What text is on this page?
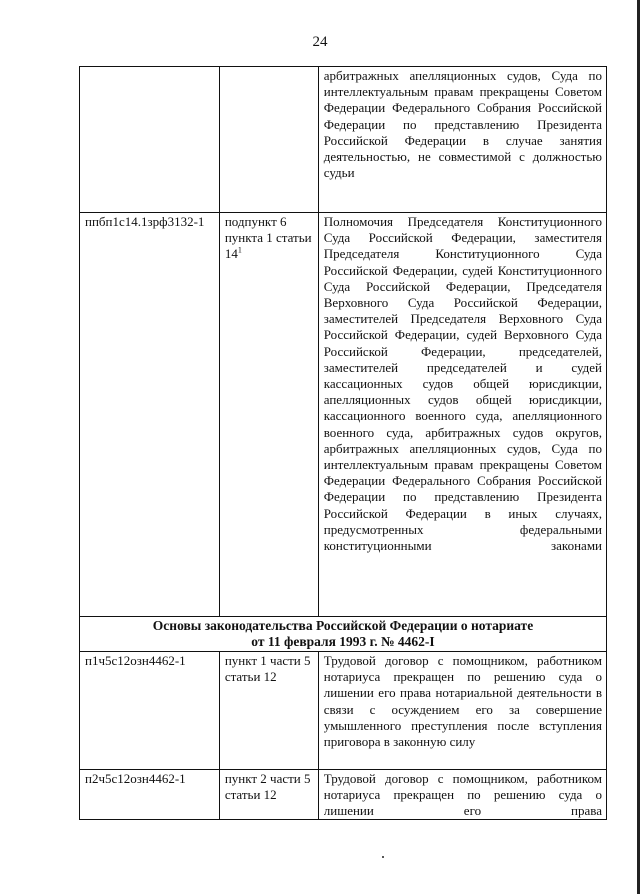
24
		арбитражных апелляционных судов, Суда по интеллектуальным правам прекращены Советом Федерации Федерального Собрания Российской Федерации по представлению Президента Российской Федерации в случае занятия деятельностью, не совместимой с должностью судьи
ппбп1с14.1зрф3132-1	подпункт 6 пункта 1 статьи $14^1$	Полномочия Председателя Конституционного Суда Российской Федерации, заместителя Председателя Конституционного Суда Российской Федерации, судей Конституционного Суда Российской Федерации, Председателя Верховного Суда Российской Федерации, заместителей Председателя Верховного Суда Российской Федерации, судей Верховного Суда Российской Федерации, председателей, заместителей председателей и судей кассационных судов общей юрисдикции, апелляционных судов общей юрисдикции, кассационного военного суда, апелляционного военного суда, арбитражных судов округов, арбитражных апелляционных судов, Суда по интеллектуальным правам прекращены Советом Федерации Федерального Собрания Российской Федерации по представлению Президента Российской Федерации в иных случаях, предусмотренных федеральными конституционными законами

Основы законодательства Российской Федерации о нотариате
от 11 февраля 1993 г. № 4462-I		

п1ч5с12озн4462-1	пункт 1 части 5 статьи 12	Трудовой договор с помощником, работником нотариуса прекращен по решению суда о лишении его права нотариальной деятельности в связи с осуждением его за совершение умышленного преступления после вступления приговора в законную силу
п2ч5с12озн4462-1	пункт 2 части 5 статьи 12	Трудовой договор с помощником, работником нотариуса прекращен по решению суда о лишении его права
